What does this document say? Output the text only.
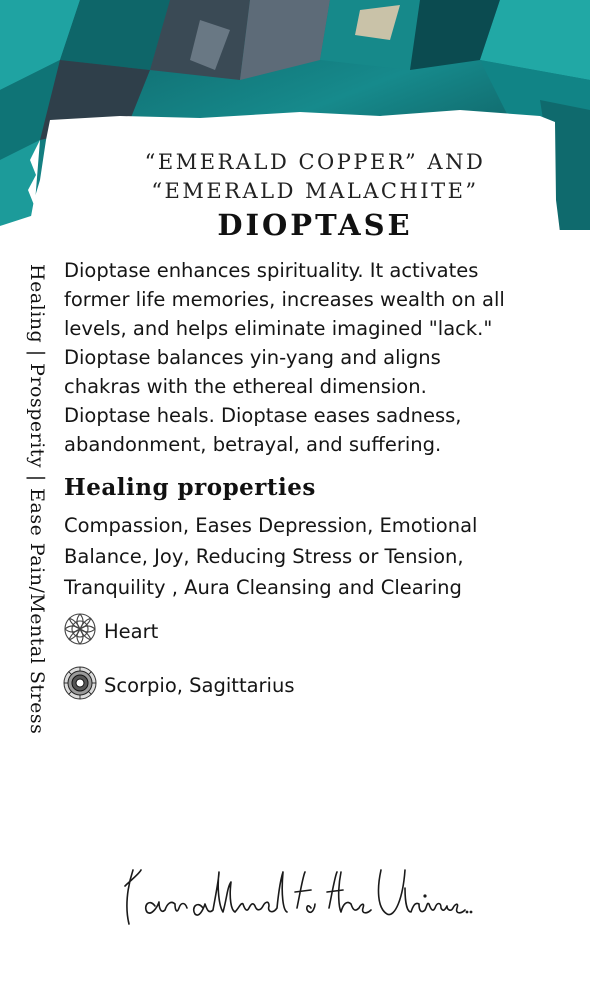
“EMERALD COPPER” AND
“EMERALD MALACHITE”
DIOPTASE
Healing | Prosperity | Ease Pain/Mental Stress Dioptase enhances spirituality. It activates former life memories, increases wealth on all levels, and helps eliminate imagined "lack." Dioptase balances yin-yang and aligns chakras with the ethereal dimension. Dioptase heals. Dioptase eases sadness, abandonment, betrayal, and suffering.
Healing properties
Compassion, Eases Depression, Emotional Balance, Joy, Reducing Stress or Tension, Tranquility , Aura Cleansing and Clearing
Heart
Scorpio, Sagittarius
